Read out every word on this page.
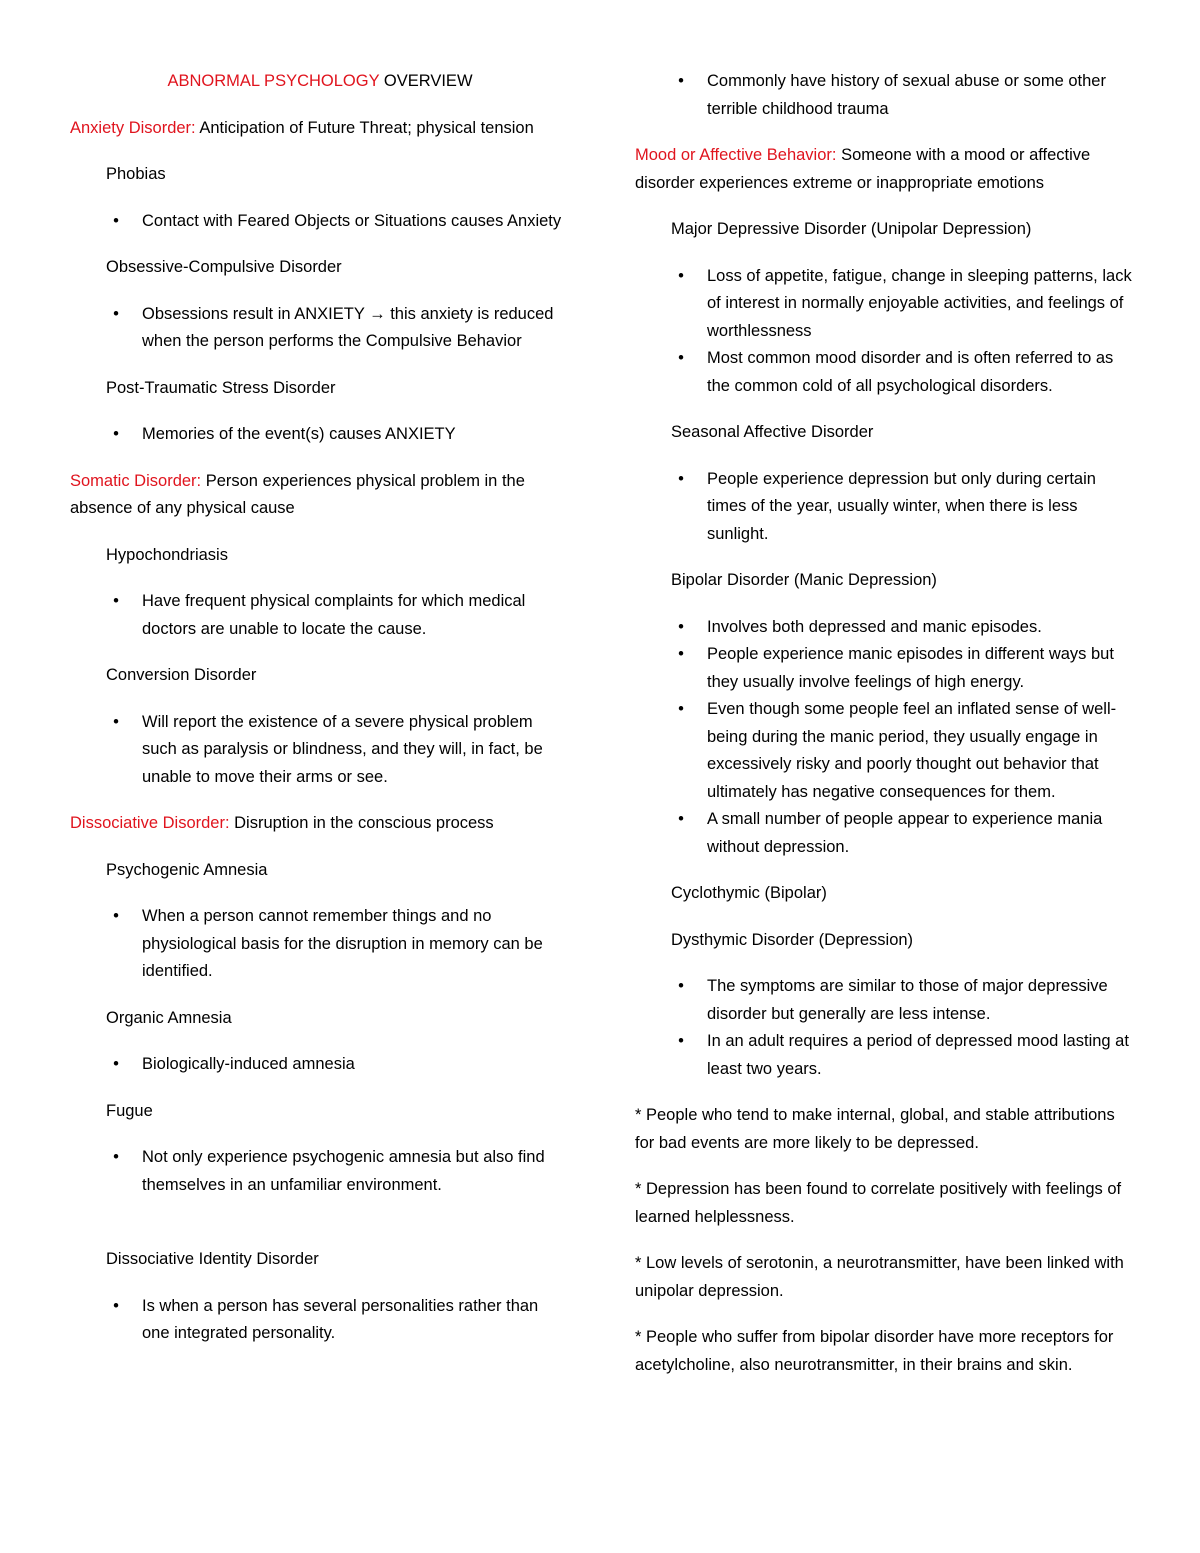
ABNORMAL PSYCHOLOGY OVERVIEW

Anxiety Disorder: Anticipation of Future Threat; physical tension

Phobias

•	Contact with Feared Objects or Situations causes Anxiety

Obsessive-Compulsive Disorder

•	Obsessions result in ANXIETY → this anxiety is reduced when the person performs the Compulsive Behavior

Post-Traumatic Stress Disorder

•	Memories of the event(s) causes ANXIETY

Somatic Disorder: Person experiences physical problem in the absence of any physical cause

Hypochondriasis

•	Have frequent physical complaints for which medical doctors are unable to locate the cause.

Conversion Disorder

•	Will report the existence of a severe physical problem such as paralysis or blindness, and they will, in fact, be unable to move their arms or see.

Dissociative Disorder: Disruption in the conscious process

Psychogenic Amnesia

•	When a person cannot remember things and no physiological basis for the disruption in memory can be identified.

Organic Amnesia

•	Biologically-induced amnesia

Fugue

•	Not only experience psychogenic amnesia but also find themselves in an unfamiliar environment.

Dissociative Identity Disorder

•	Is when a person has several personalities rather than one integrated personality.
•	Commonly have history of sexual abuse or some other terrible childhood trauma

Mood or Affective Behavior: Someone with a mood or affective disorder experiences extreme or inappropriate emotions

Major Depressive Disorder (Unipolar Depression)

•	Loss of appetite, fatigue, change in sleeping patterns, lack of interest in normally enjoyable activities, and feelings of worthlessness
•	Most common mood disorder and is often referred to as the common cold of all psychological disorders.

Seasonal Affective Disorder

•	People experience depression but only during certain times of the year, usually winter, when there is less sunlight.

Bipolar Disorder (Manic Depression)

•	Involves both depressed and manic episodes.
•	People experience manic episodes in different ways but they usually involve feelings of high energy.
•	Even though some people feel an inflated sense of well-being during the manic period, they usually engage in excessively risky and poorly thought out behavior that ultimately has negative consequences for them.
•	A small number of people appear to experience mania without depression.

Cyclothymic (Bipolar)

Dysthymic Disorder (Depression)

•	The symptoms are similar to those of major depressive disorder but generally are less intense.
•	In an adult requires a period of depressed mood lasting at least two years.

* People who tend to make internal, global, and stable attributions for bad events are more likely to be depressed.

* Depression has been found to correlate positively with feelings of learned helplessness.

* Low levels of serotonin, a neurotransmitter, have been linked with unipolar depression.

* People who suffer from bipolar disorder have more receptors for acetylcholine, also neurotransmitter, in their brains and skin.
